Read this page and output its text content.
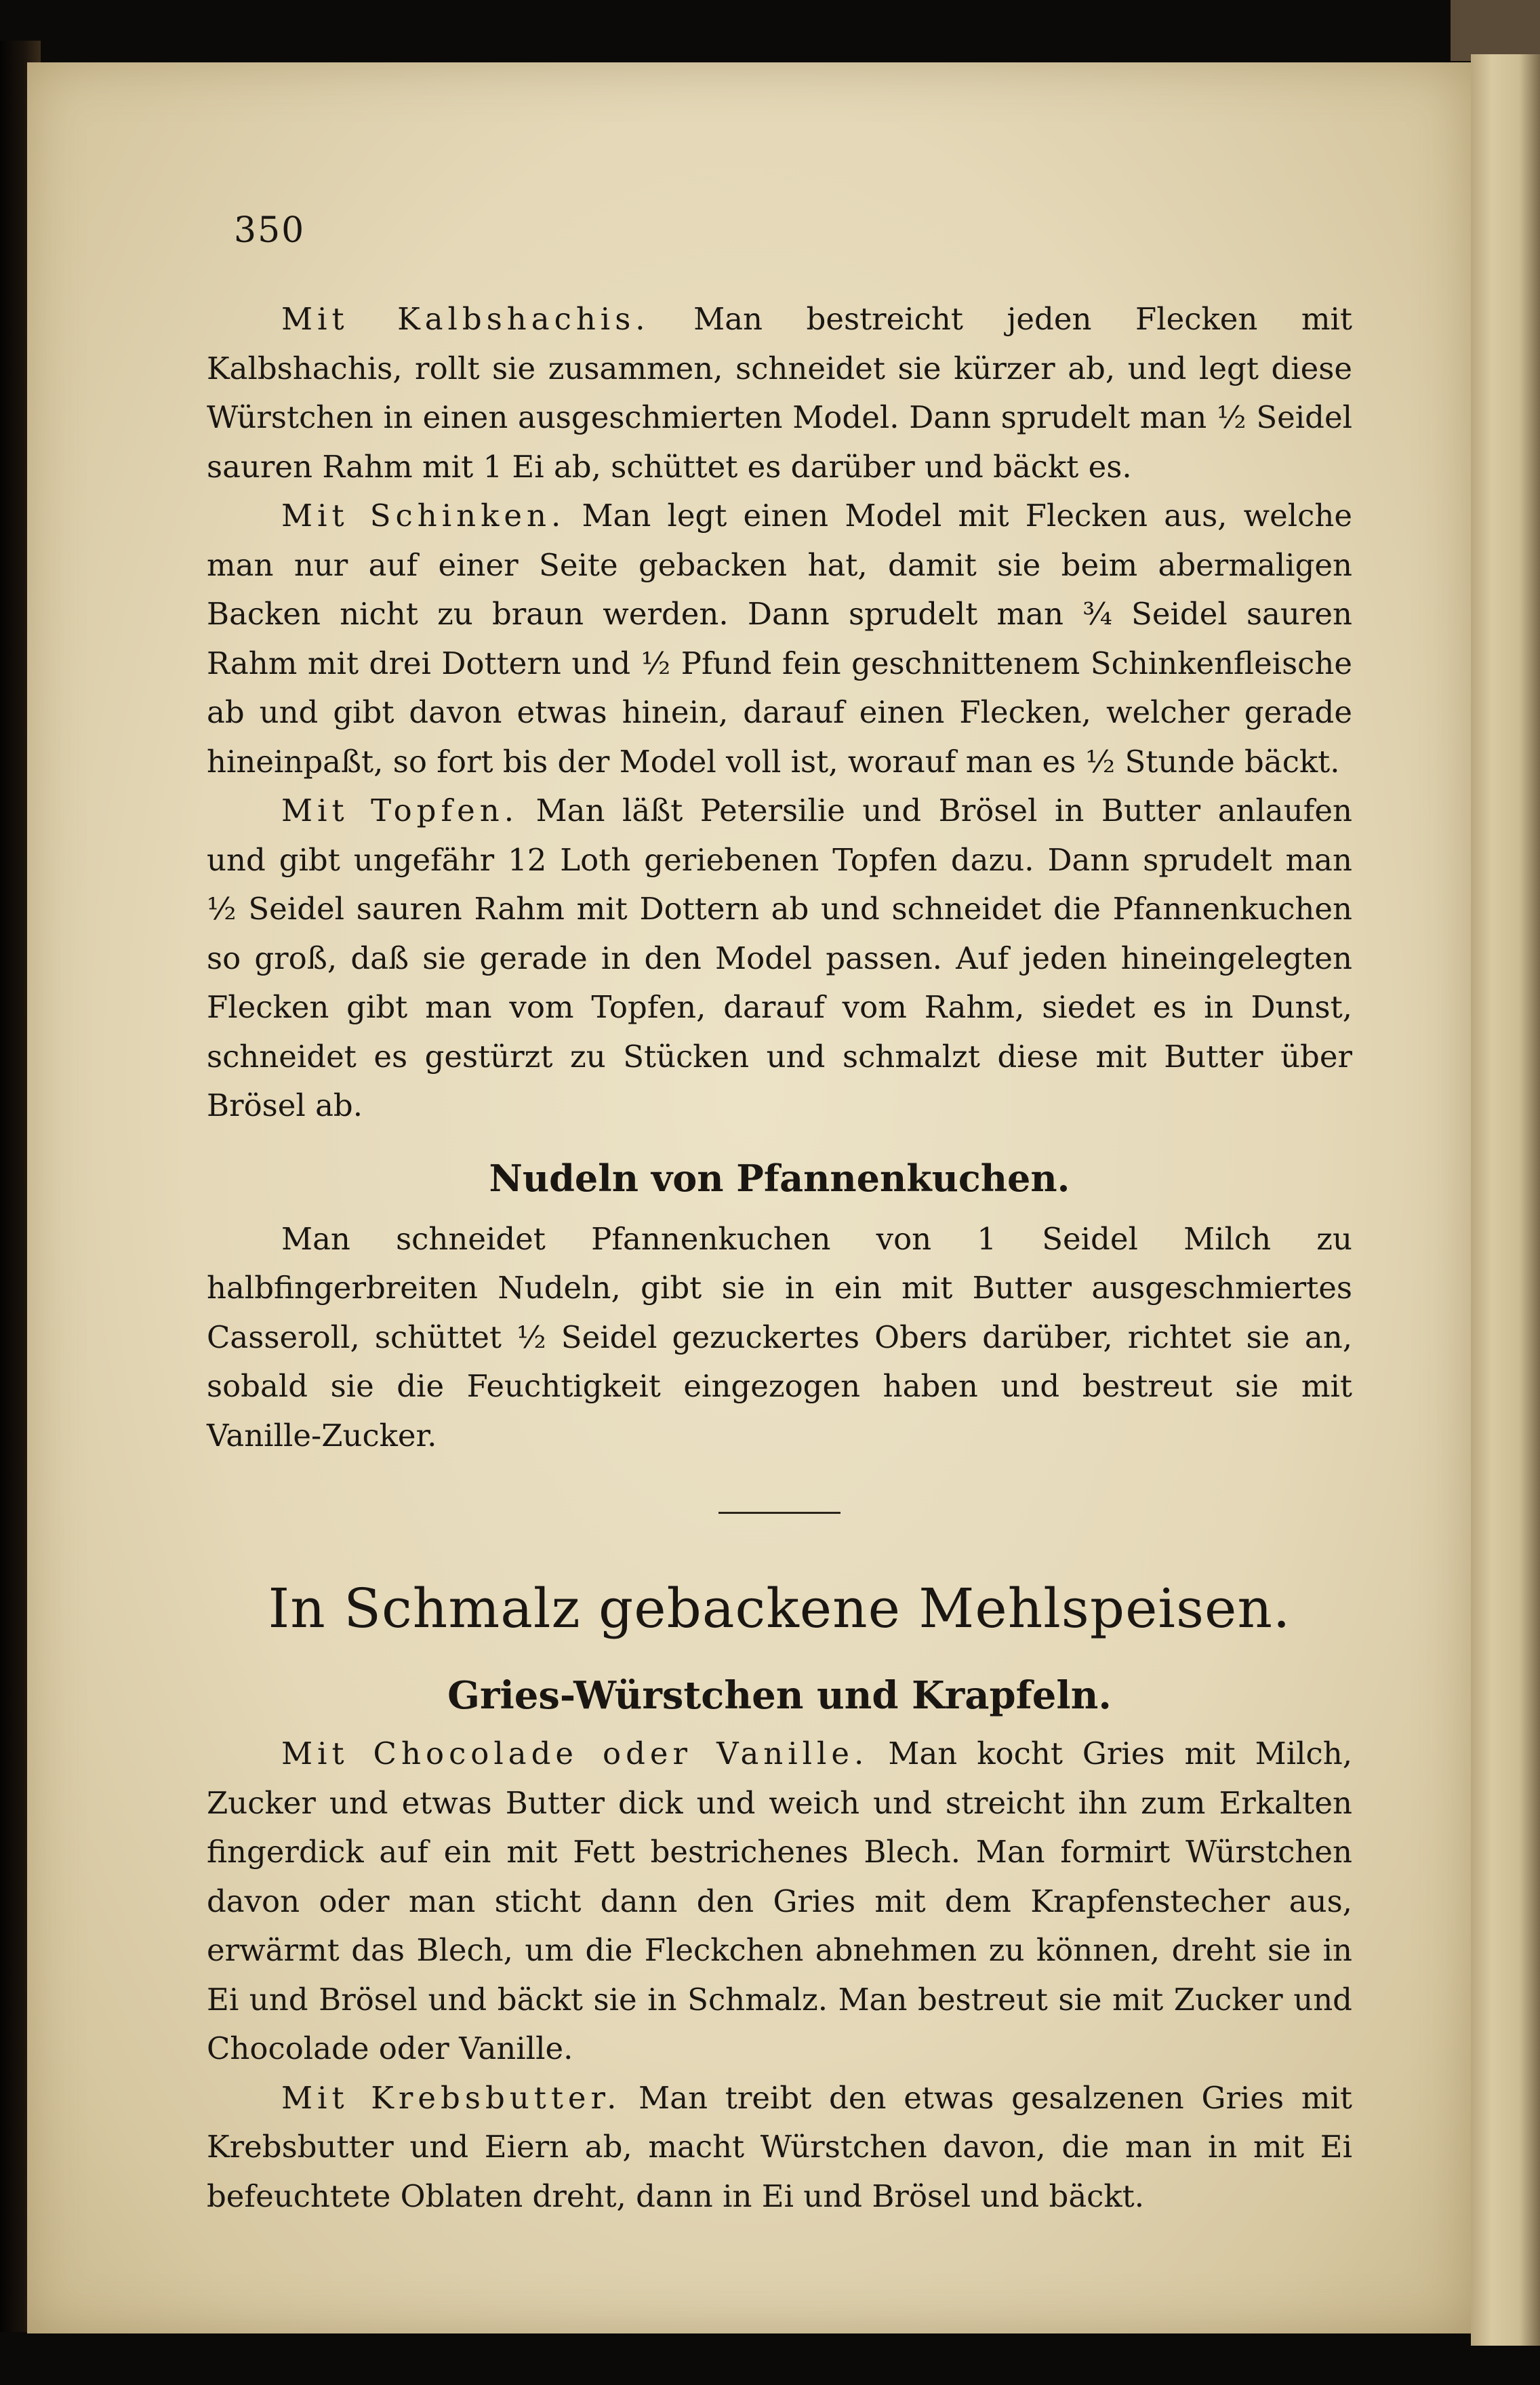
350

Mit Kalbshachis. Man bestreicht jeden Flecken mit Kalbshachis, rollt sie zusammen, schneidet sie kürzer ab, und legt diese Würstchen in einen ausgeschmierten Model. Dann sprudelt man ½ Seidel sauren Rahm mit 1 Ei ab, schüttet es darüber und bäckt es.

Mit Schinken. Man legt einen Model mit Flecken aus, welche man nur auf einer Seite gebacken hat, damit sie beim abermaligen Backen nicht zu braun werden. Dann sprudelt man ¾ Seidel sauren Rahm mit drei Dottern und ½ Pfund fein geschnittenem Schinkenfleische ab und gibt davon etwas hinein, darauf einen Flecken, welcher gerade hineinpaßt, so fort bis der Model voll ist, worauf man es ½ Stunde bäckt.

Mit Topfen. Man läßt Petersilie und Brösel in Butter anlaufen und gibt ungefähr 12 Loth geriebenen Topfen dazu. Dann sprudelt man ½ Seidel sauren Rahm mit Dottern ab und schneidet die Pfannenkuchen so groß, daß sie gerade in den Model passen. Auf jeden hineingelegten Flecken gibt man vom Topfen, darauf vom Rahm, siedet es in Dunst, schneidet es gestürzt zu Stücken und schmalzt diese mit Butter über Brösel ab.

Nudeln von Pfannenkuchen.

Man schneidet Pfannenkuchen von 1 Seidel Milch zu halbfingerbreiten Nudeln, gibt sie in ein mit Butter ausgeschmiertes Casseroll, schüttet ½ Seidel gezuckertes Obers darüber, richtet sie an, sobald sie die Feuchtigkeit eingezogen haben und bestreut sie mit Vanille-Zucker.

In Schmalz gebackene Mehlspeisen.
Gries-Würstchen und Krapfeln.

Mit Chocolade oder Vanille. Man kocht Gries mit Milch, Zucker und etwas Butter dick und weich und streicht ihn zum Erkalten fingerdick auf ein mit Fett bestrichenes Blech. Man formirt Würstchen davon oder man sticht dann den Gries mit dem Krapfenstecher aus, erwärmt das Blech, um die Fleckchen abnehmen zu können, dreht sie in Ei und Brösel und bäckt sie in Schmalz. Man bestreut sie mit Zucker und Chocolade oder Vanille.

Mit Krebsbutter. Man treibt den etwas gesalzenen Gries mit Krebsbutter und Eiern ab, macht Würstchen davon, die man in mit Ei befeuchtete Oblaten dreht, dann in Ei und Brösel und bäckt.
